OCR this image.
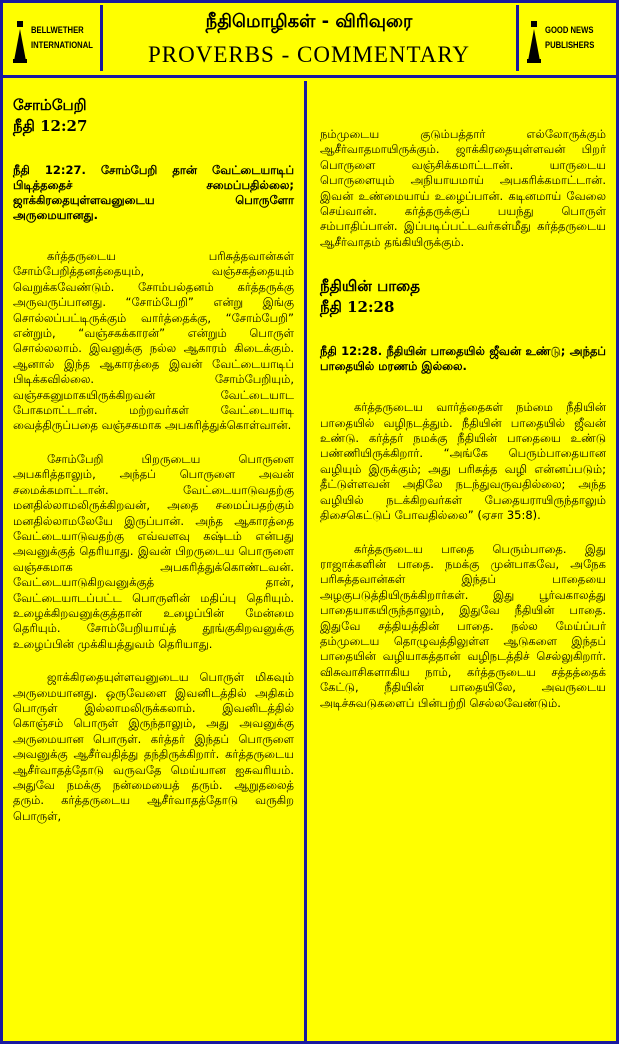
BELLWETHER INTERNATIONAL
நீதிமொழிகள் - விரிவுரை
PROVERBS - COMMENTARY
GOOD NEWS PUBLISHERS
சோம்பேறி
நீதி 12:27
நீதி 12:27. சோம்பேறி தான் வேட்டையாடிப் பிடித்ததைச் சமைப்பதில்லை; ஜாக்கிரதையுள்ளவனுடைய பொருளோ அருமையானது.

கர்த்தருடைய பரிசுத்தவான்கள் சோம்பேறித்தனத்தையும், வஞ்சகத்தையும் வெறுக்கவேண்டும். சோம்பல்தனம் கர்த்தருக்கு அருவருப்பானது. “சோம்பேறி” என்று இங்கு சொல்லப்பட்டிருக்கும் வார்த்தைக்கு, “சோம்பேறி” என்றும், “வஞ்சகக்காரன்” என்றும் பொருள் சொல்லலாம். இவனுக்கு நல்ல ஆகாரம் கிடைக்கும். ஆனால் இந்த ஆகாரத்தை இவன் வேட்டையாடிப் பிடிக்கவில்லை. சோம்பேறியும், வஞ்சகனுமாகயிருக்கிறவன் வேட்டையாட போகமாட்டான். மற்றவர்கள் வேட்டையாடி வைத்திருப்பதை வஞ்சகமாக அபகரித்துக்கொள்வான்.

சோம்பேறி பிறருடைய பொருளை அபகரித்தாலும், அந்தப் பொருளை அவன் சமைக்கமாட்டான். வேட்டையாடுவதற்கு மனதில்லாமலிருக்கிறவன், அதை சமைப்பதற்கும் மனதில்லாமலேயே இருப்பான். அந்த ஆகாரத்தை வேட்டையாடுவதற்கு எவ்வளவு கஷ்டம் என்பது அவனுக்குத் தெரியாது. இவன் பிறருடைய பொருளை வஞ்சகமாக அபகரித்துக்கொண்டவன். வேட்டையாடுகிறவனுக்குத் தான், வேட்டையாடப்பட்ட பொருளின் மதிப்பு தெரியும். உழைக்கிறவனுக்குத்தான் உழைப்பின் மேன்மை தெரியும். சோம்பேறியாய்த் தூங்குகிறவனுக்கு உழைப்பின் முக்கியத்துவம் தெரியாது.

ஜாக்கிரதையுள்ளவனுடைய பொருள் மிகவும் அருமையானது. ஒருவேளை இவனிடத்தில் அதிகம் பொருள் இல்லாமலிருக்கலாம். இவனிடத்தில் கொஞ்சம் பொருள் இருந்தாலும், அது அவனுக்கு அருமையான பொருள். கர்த்தர் இந்தப் பொருளை அவனுக்கு ஆசீர்வதித்து தந்திருக்கிறார். கர்த்தருடைய ஆசீர்வாதத்தோடு வருவதே மெய்யான ஐசுவரியம். அதுவே நமக்கு நன்மையைத் தரும். ஆறுதலைத் தரும். கர்த்தருடைய ஆசீர்வாதத்தோடு வருகிற பொருள்,

நம்முடைய குடும்பத்தார் எல்லோருக்கும் ஆசீர்வாதமாயிருக்கும். ஜாக்கிரதையுள்ளவன் பிறர் பொருளை வஞ்சிக்கமாட்டான். யாருடைய பொருளையும் அநியாயமாய் அபகரிக்கமாட்டான். இவன் உண்மையாய் உழைப்பான். கடினமாய் வேலை செய்வான். கர்த்தருக்குப் பயந்து பொருள் சம்பாதிப்பான். இப்படிப்பட்டவர்கள்மீது கர்த்தருடைய ஆசீர்வாதம் தங்கியிருக்கும்.

நீதியின் பாதை
நீதி 12:28
நீதி 12:28. நீதியின் பாதையில் ஜீவன் உண்டு; அந்தப் பாதையில் மரணம் இல்லை.

கர்த்தருடைய வார்த்தைகள் நம்மை நீதியின் பாதையில் வழிநடத்தும். நீதியின் பாதையில் ஜீவன் உண்டு. கர்த்தர் நமக்கு நீதியின் பாதையை உண்டு பண்ணியிருக்கிறார். “அங்கே பெரும்பாதையான வழியும் இருக்கும்; அது பரிசுத்த வழி என்னப்படும்; தீட்டுள்ளவன் அதிலே நடந்துவருவதில்லை; அந்த வழியில் நடக்கிறவர்கள் பேதையராயிருந்தாலும் திசைகெட்டுப் போவதில்லை” (ஏசா 35:8).

கர்த்தருடைய பாதை பெரும்பாதை. இது ராஜாக்களின் பாதை. நமக்கு முன்பாகவே, அநேக பரிசுத்தவான்கள் இந்தப் பாதையை அழகுபடுத்தியிருக்கிறார்கள். இது பூர்வகாலத்து பாதையாகயிருந்தாலும், இதுவே நீதியின் பாதை. இதுவே சத்தியத்தின் பாதை. நல்ல மேய்ப்பர் தம்முடைய தொழுவத்திலுள்ள ஆடுகளை இந்தப் பாதையின் வழியாகத்தான் வழிநடத்திச் செல்லுகிறார். விசுவாசிகளாகிய நாம், கர்த்தருடைய சத்தத்தைக் கேட்டு, நீதியின் பாதையிலே, அவருடைய அடிச்சுவடுகளைப் பின்பற்றி செல்லவேண்டும்.
